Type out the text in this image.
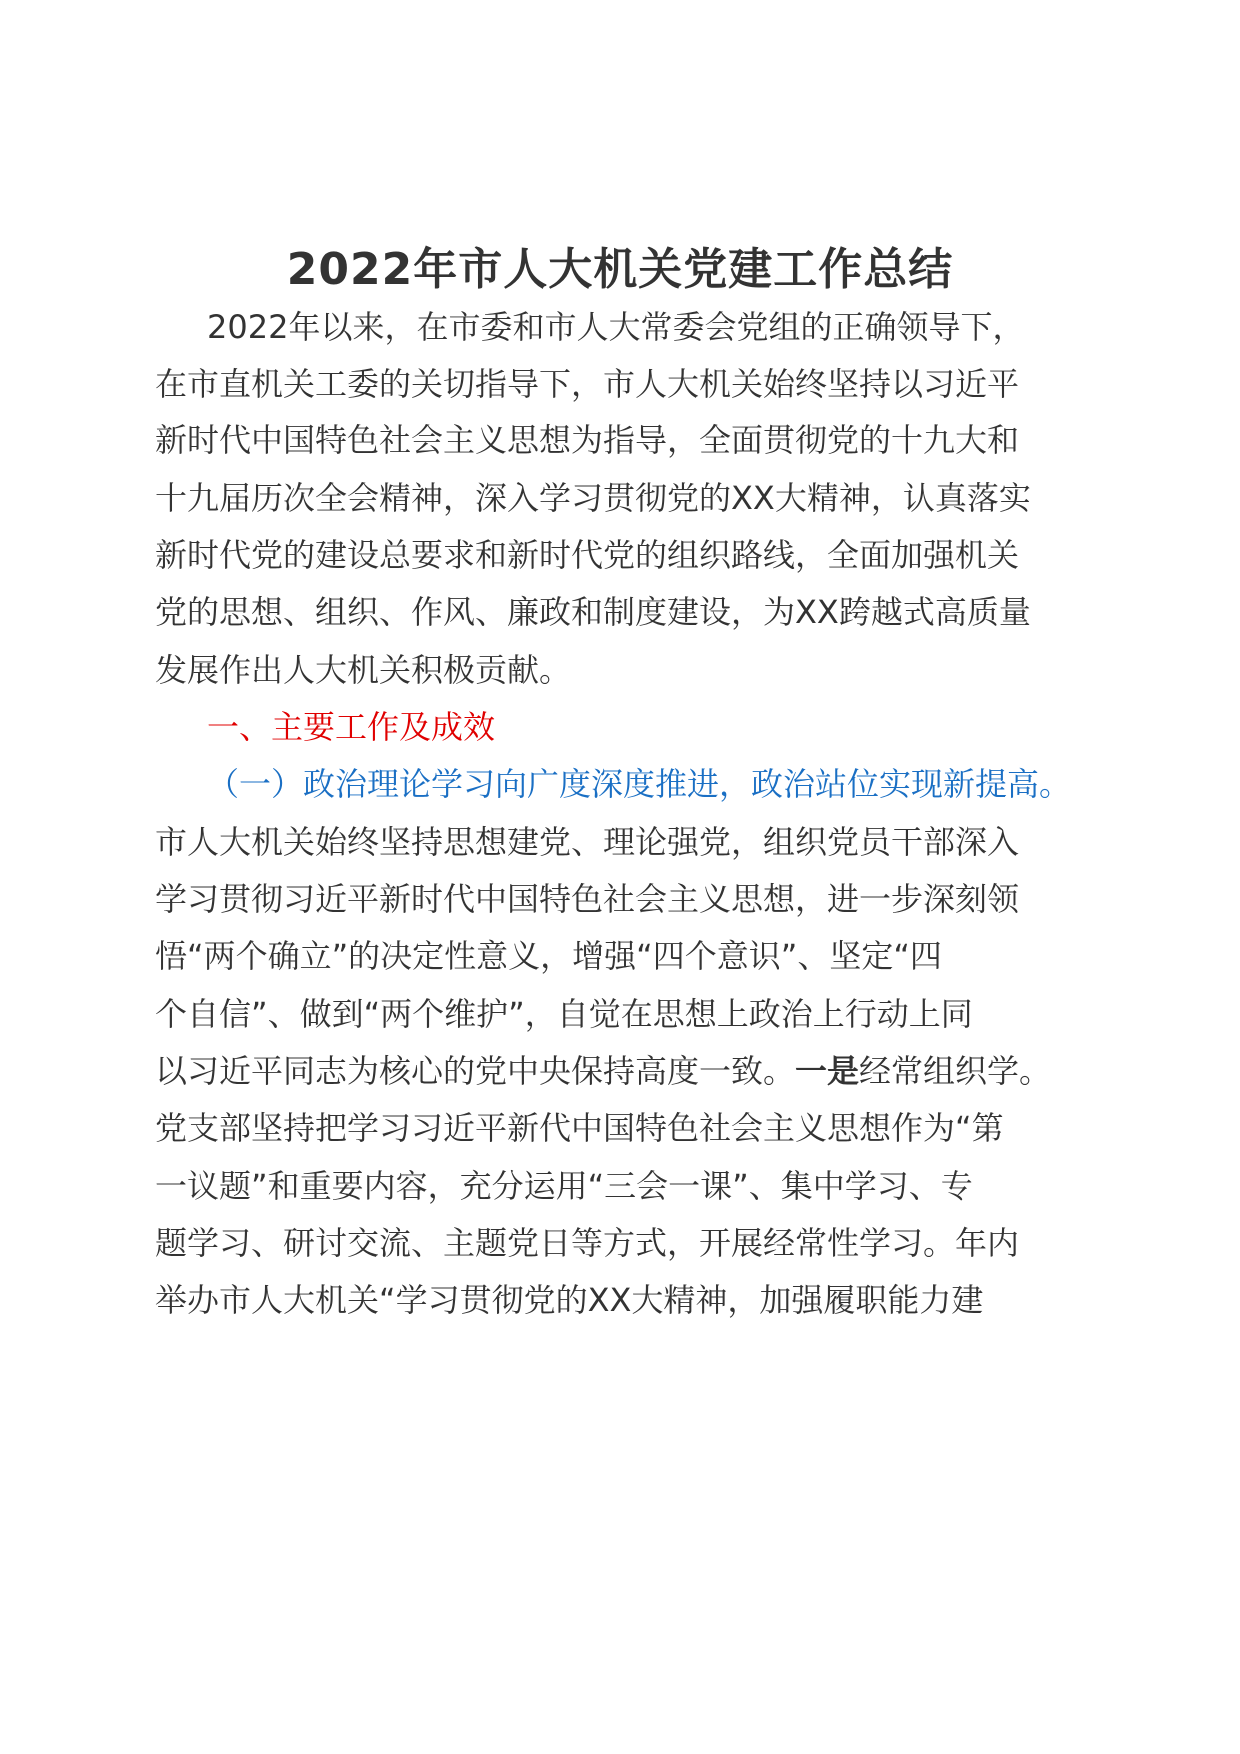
2022年市人大机关党建工作总结
2022年以来，在市委和市人大常委会党组的正确领导下，
在市直机关工委的关切指导下，市人大机关始终坚持以习近平
新时代中国特色社会主义思想为指导，全面贯彻党的十九大和
十九届历次全会精神，深入学习贯彻党的XX大精神，认真落实
新时代党的建设总要求和新时代党的组织路线，全面加强机关
党的思想、组织、作风、廉政和制度建设，为XX跨越式高质量
发展作出人大机关积极贡献。
一、主要工作及成效
（一）政治理论学习向广度深度推进，政治站位实现新提高。
市人大机关始终坚持思想建党、理论强党，组织党员干部深入
学习贯彻习近平新时代中国特色社会主义思想，进一步深刻领
悟“两个确立”的决定性意义，增强“四个意识”、坚定“四
个自信”、做到“两个维护”，自觉在思想上政治上行动上同
以习近平同志为核心的党中央保持高度一致。一是经常组织学。
党支部坚持把学习习近平新代中国特色社会主义思想作为“第
一议题”和重要内容，充分运用“三会一课”、集中学习、专
题学习、研讨交流、主题党日等方式，开展经常性学习。年内
举办市人大机关“学习贯彻党的XX大精神，加强履职能力建
